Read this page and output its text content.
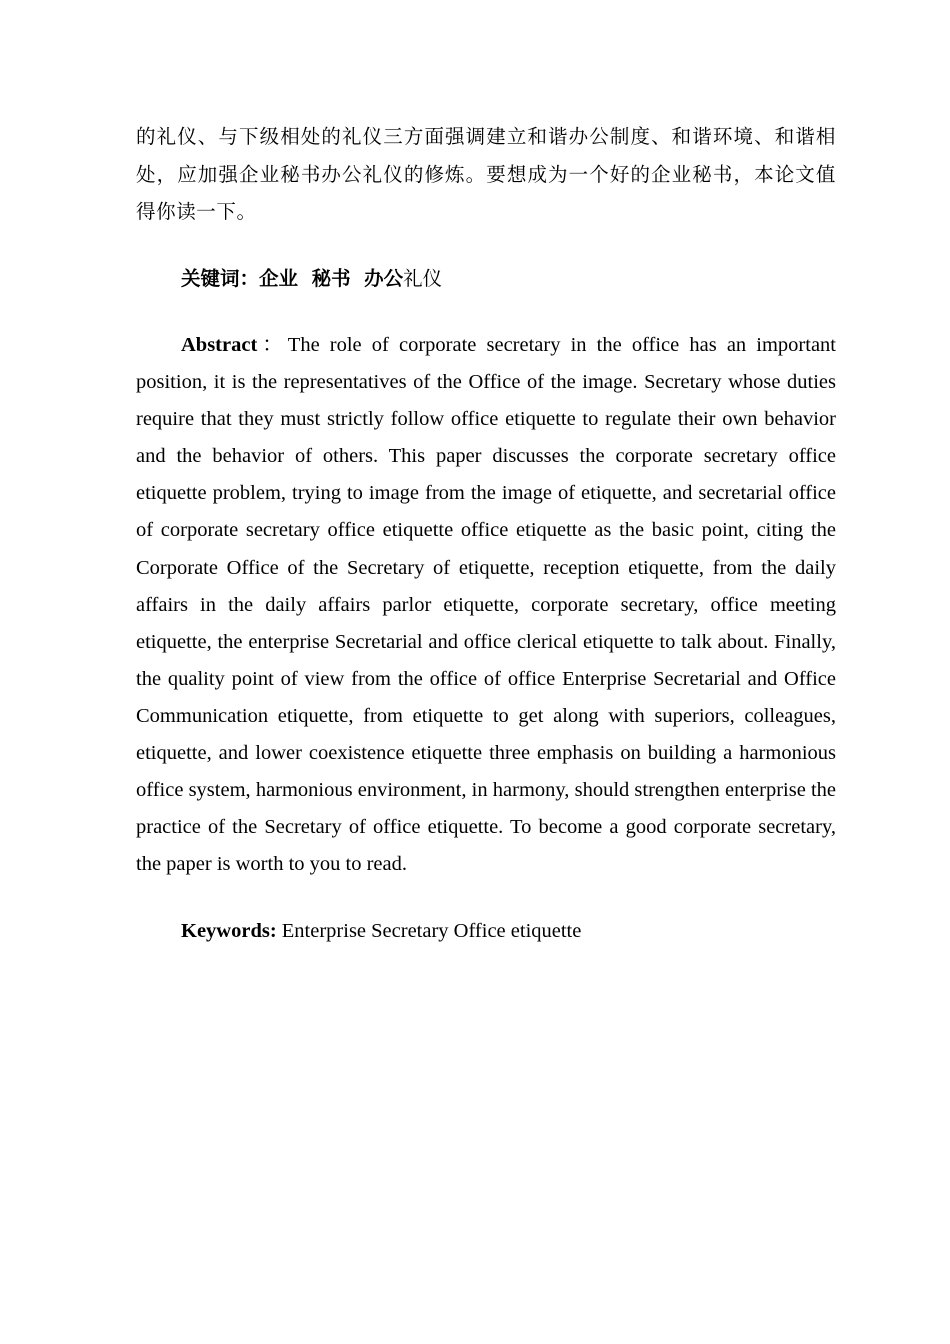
的礼仪、与下级相处的礼仪三方面强调建立和谐办公制度、和谐环境、和谐相处，应加强企业秘书办公礼仪的修炼。要想成为一个好的企业秘书，本论文值得你读一下。

关键词：企业  秘书  办公礼仪

Abstract：The role of corporate secretary in the office has an important position, it is the representatives of the Office of the image. Secretary whose duties require that they must strictly follow office etiquette to regulate their own behavior and the behavior of others. This paper discusses the corporate secretary office etiquette problem, trying to image from the image of etiquette, and secretarial office of corporate secretary office etiquette office etiquette as the basic point, citing the Corporate Office of the Secretary of etiquette, reception etiquette, from the daily affairs in the daily affairs parlor etiquette, corporate secretary, office meeting etiquette, the enterprise Secretarial and office clerical etiquette to talk about. Finally, the quality point of view from the office of office Enterprise Secretarial and Office Communication etiquette, from etiquette to get along with superiors, colleagues, etiquette, and lower coexistence etiquette three emphasis on building a harmonious office system, harmonious environment, in harmony, should strengthen enterprise the practice of the Secretary of office etiquette. To become a good corporate secretary, the paper is worth to you to read.

Keywords: Enterprise Secretary Office etiquette
